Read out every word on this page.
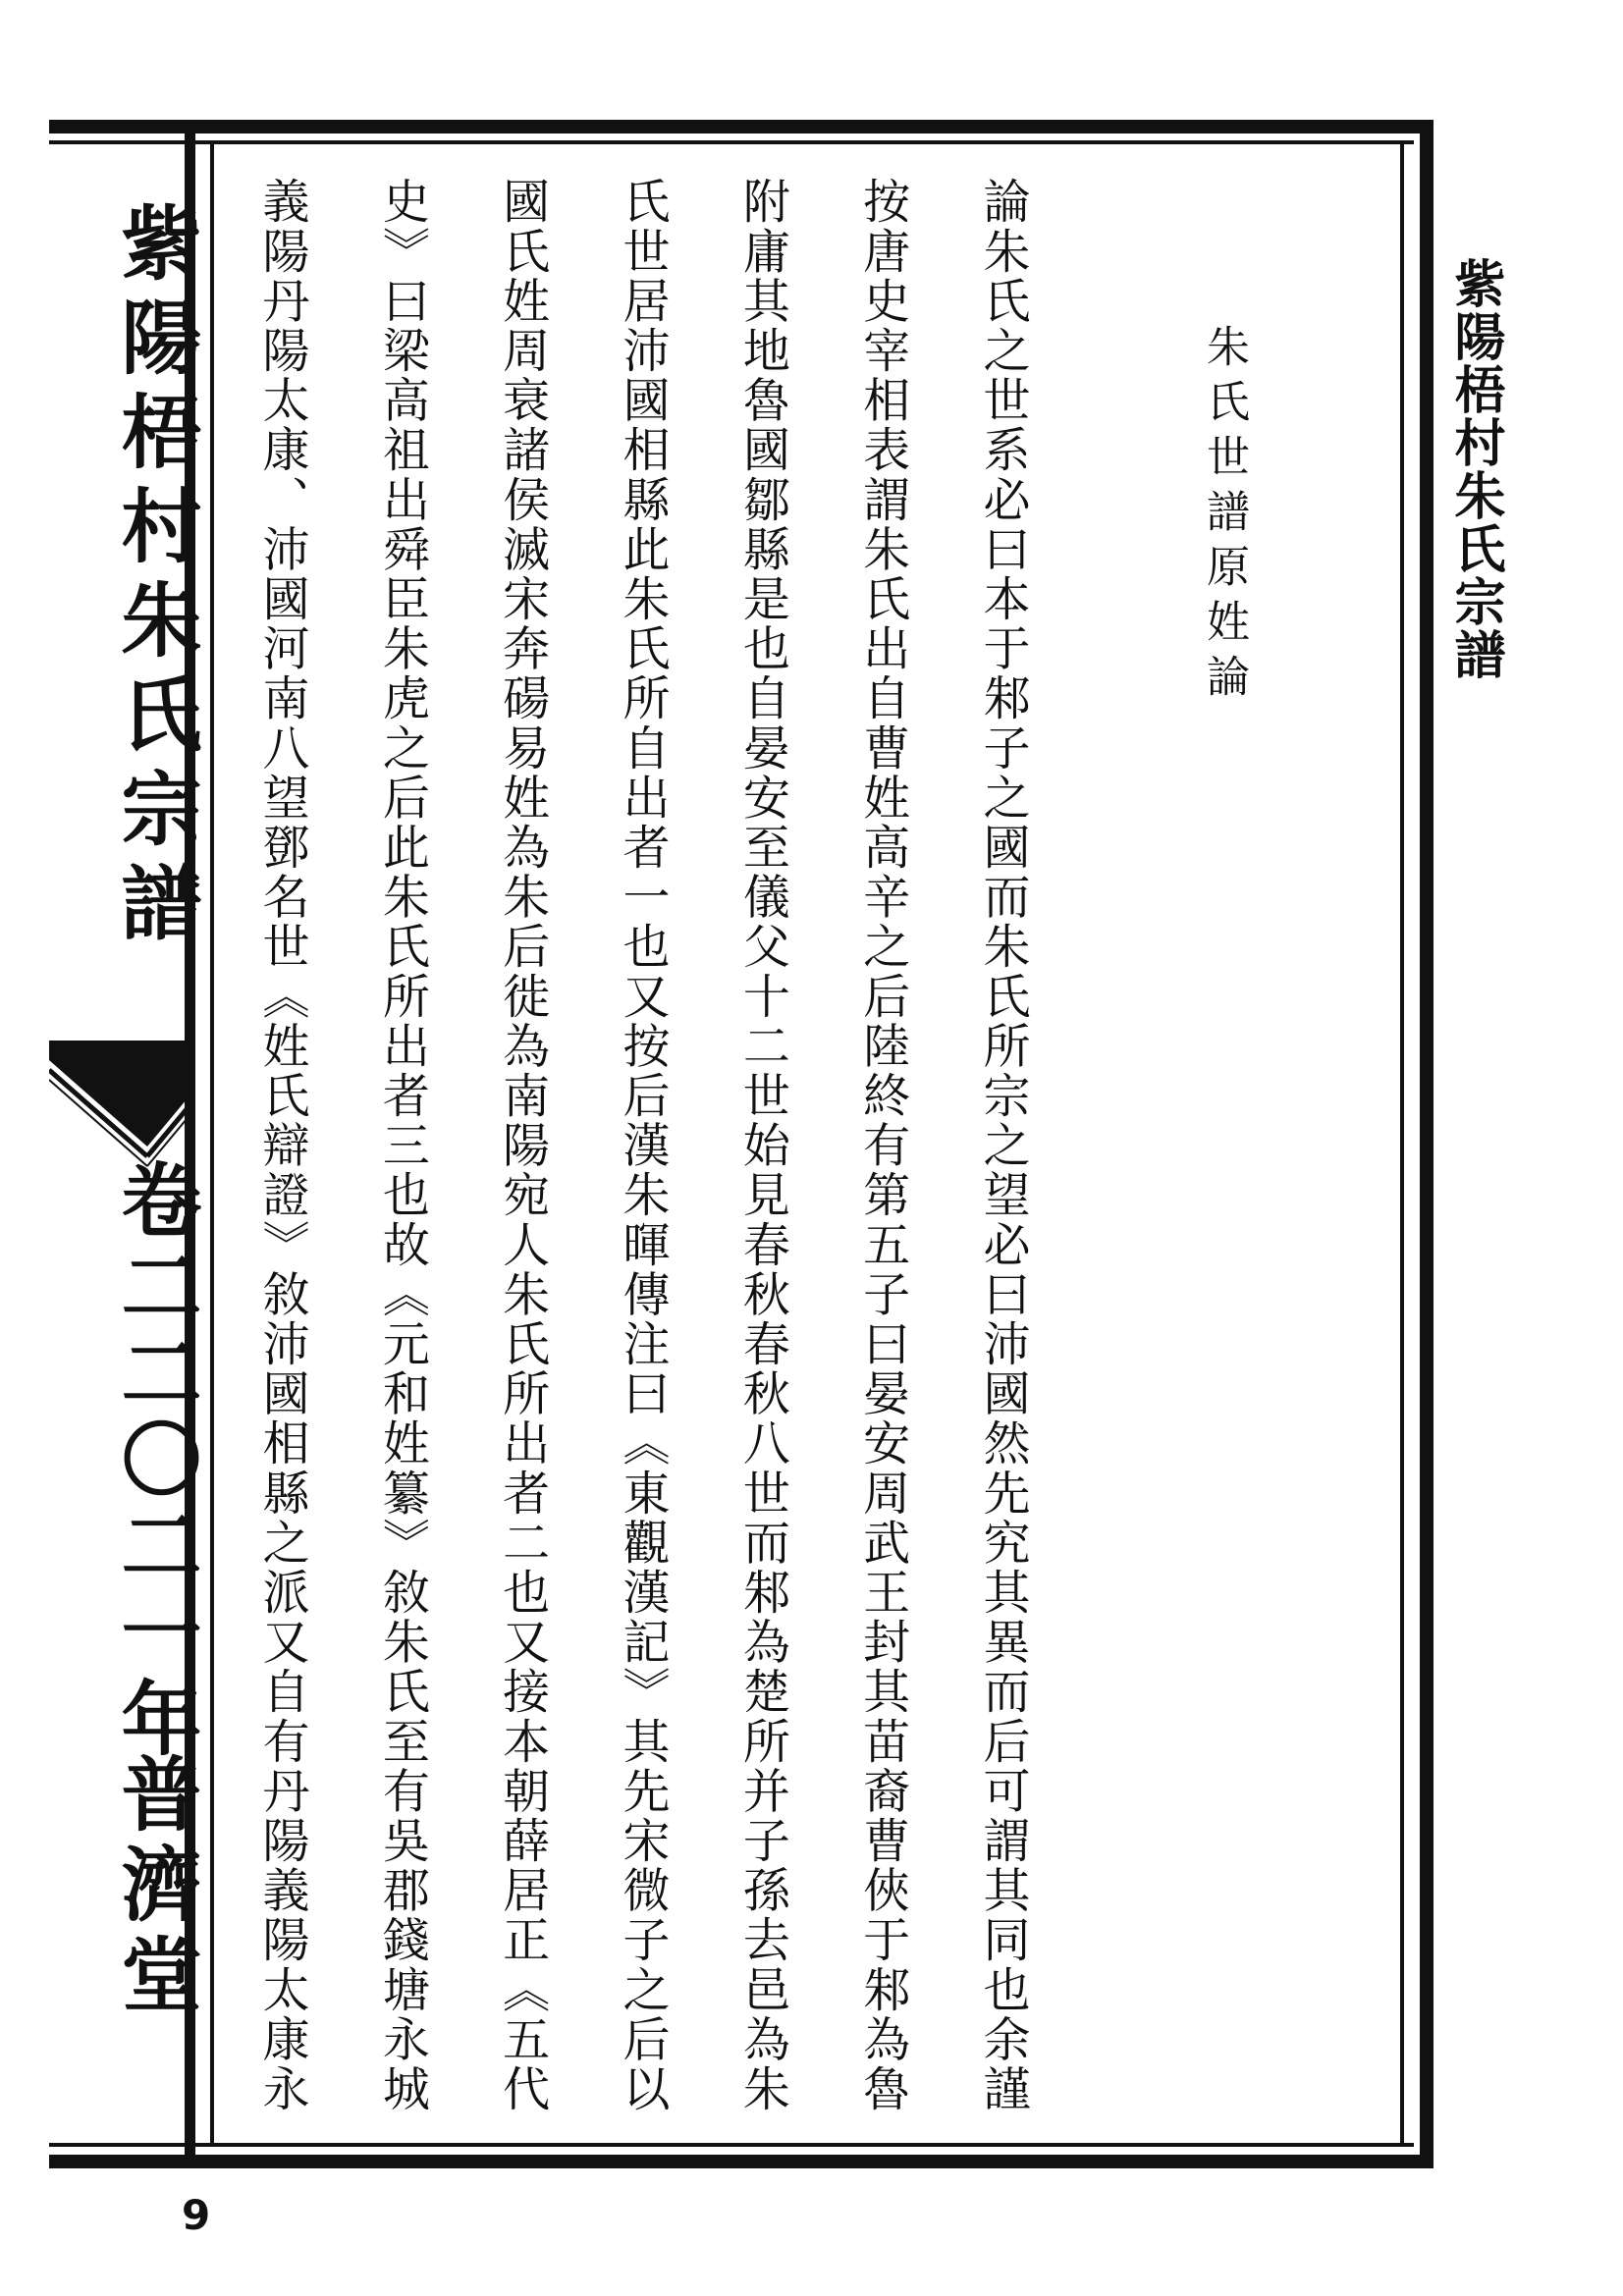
紫陽梧村朱氏宗譜
卷二二〇二一年
普濟堂
紫陽梧村朱氏宗譜
朱氏世譜原姓論
論朱氏之世系必曰本于邾子之國而朱氏所宗之望必曰沛國然先究其異而后可謂其同也余謹
按唐史宰相表謂朱氏出自曹姓高辛之后陸終有第五子曰晏安周武王封其苗裔曹俠于邾為魯
附庸其地魯國鄒縣是也自晏安至儀父十二世始見春秋春秋八世而邾為楚所并子孫去邑為朱
氏世居沛國相縣此朱氏所自出者一也又按后漢朱暉傳注曰《東觀漢記》其先宋微子之后以
國氏姓周衰諸侯滅宋奔碭易姓為朱后徙為南陽宛人朱氏所出者二也又接本朝薛居正《五代
史》曰梁高祖出舜臣朱虎之后此朱氏所出者三也故《元和姓纂》敘朱氏至有吳郡錢塘永城
義陽丹陽太康、沛國河南八望鄧名世《姓氏辯證》敘沛國相縣之派又自有丹陽義陽太康永
9
